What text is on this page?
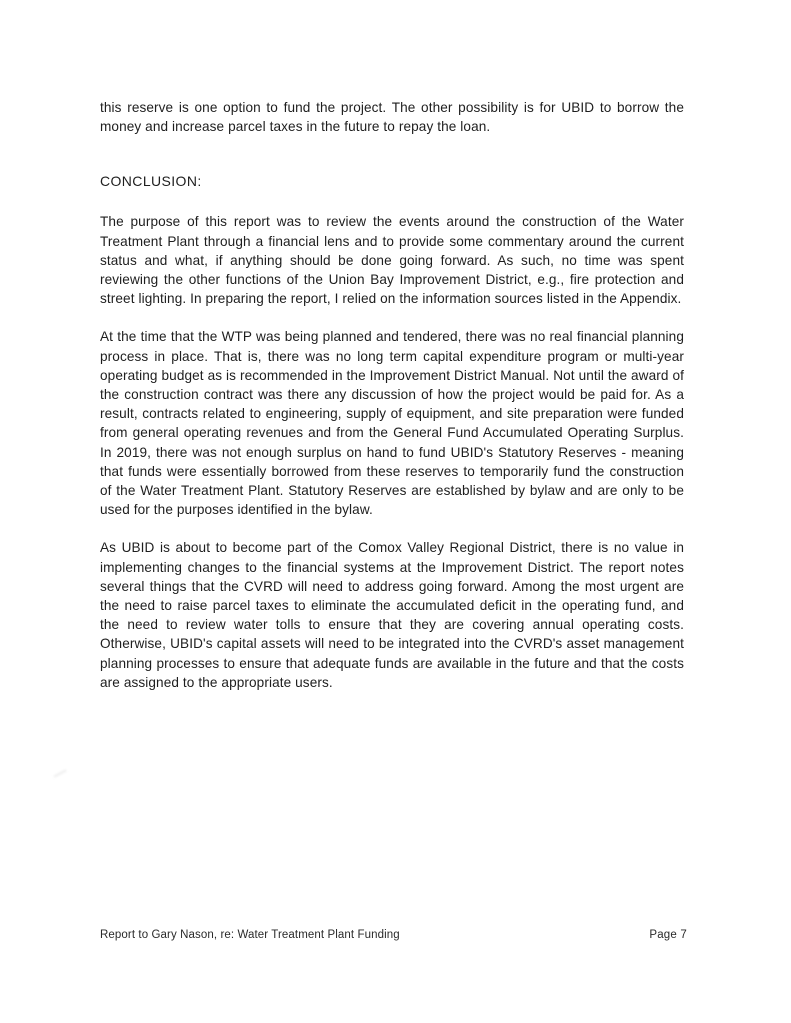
this reserve is one option to fund the project. The other possibility is for UBID to borrow the money and increase parcel taxes in the future to repay the loan.

CONCLUSION:

The purpose of this report was to review the events around the construction of the Water Treatment Plant through a financial lens and to provide some commentary around the current status and what, if anything should be done going forward. As such, no time was spent reviewing the other functions of the Union Bay Improvement District, e.g., fire protection and street lighting. In preparing the report, I relied on the information sources listed in the Appendix.

At the time that the WTP was being planned and tendered, there was no real financial planning process in place. That is, there was no long term capital expenditure program or multi-year operating budget as is recommended in the Improvement District Manual. Not until the award of the construction contract was there any discussion of how the project would be paid for. As a result, contracts related to engineering, supply of equipment, and site preparation were funded from general operating revenues and from the General Fund Accumulated Operating Surplus. In 2019, there was not enough surplus on hand to fund UBID's Statutory Reserves - meaning that funds were essentially borrowed from these reserves to temporarily fund the construction of the Water Treatment Plant. Statutory Reserves are established by bylaw and are only to be used for the purposes identified in the bylaw.

As UBID is about to become part of the Comox Valley Regional District, there is no value in implementing changes to the financial systems at the Improvement District. The report notes several things that the CVRD will need to address going forward. Among the most urgent are the need to raise parcel taxes to eliminate the accumulated deficit in the operating fund, and the need to review water tolls to ensure that they are covering annual operating costs. Otherwise, UBID's capital assets will need to be integrated into the CVRD's asset management planning processes to ensure that adequate funds are available in the future and that the costs are assigned to the appropriate users.

Report to Gary Nason, re: Water Treatment Plant Funding	Page 7
